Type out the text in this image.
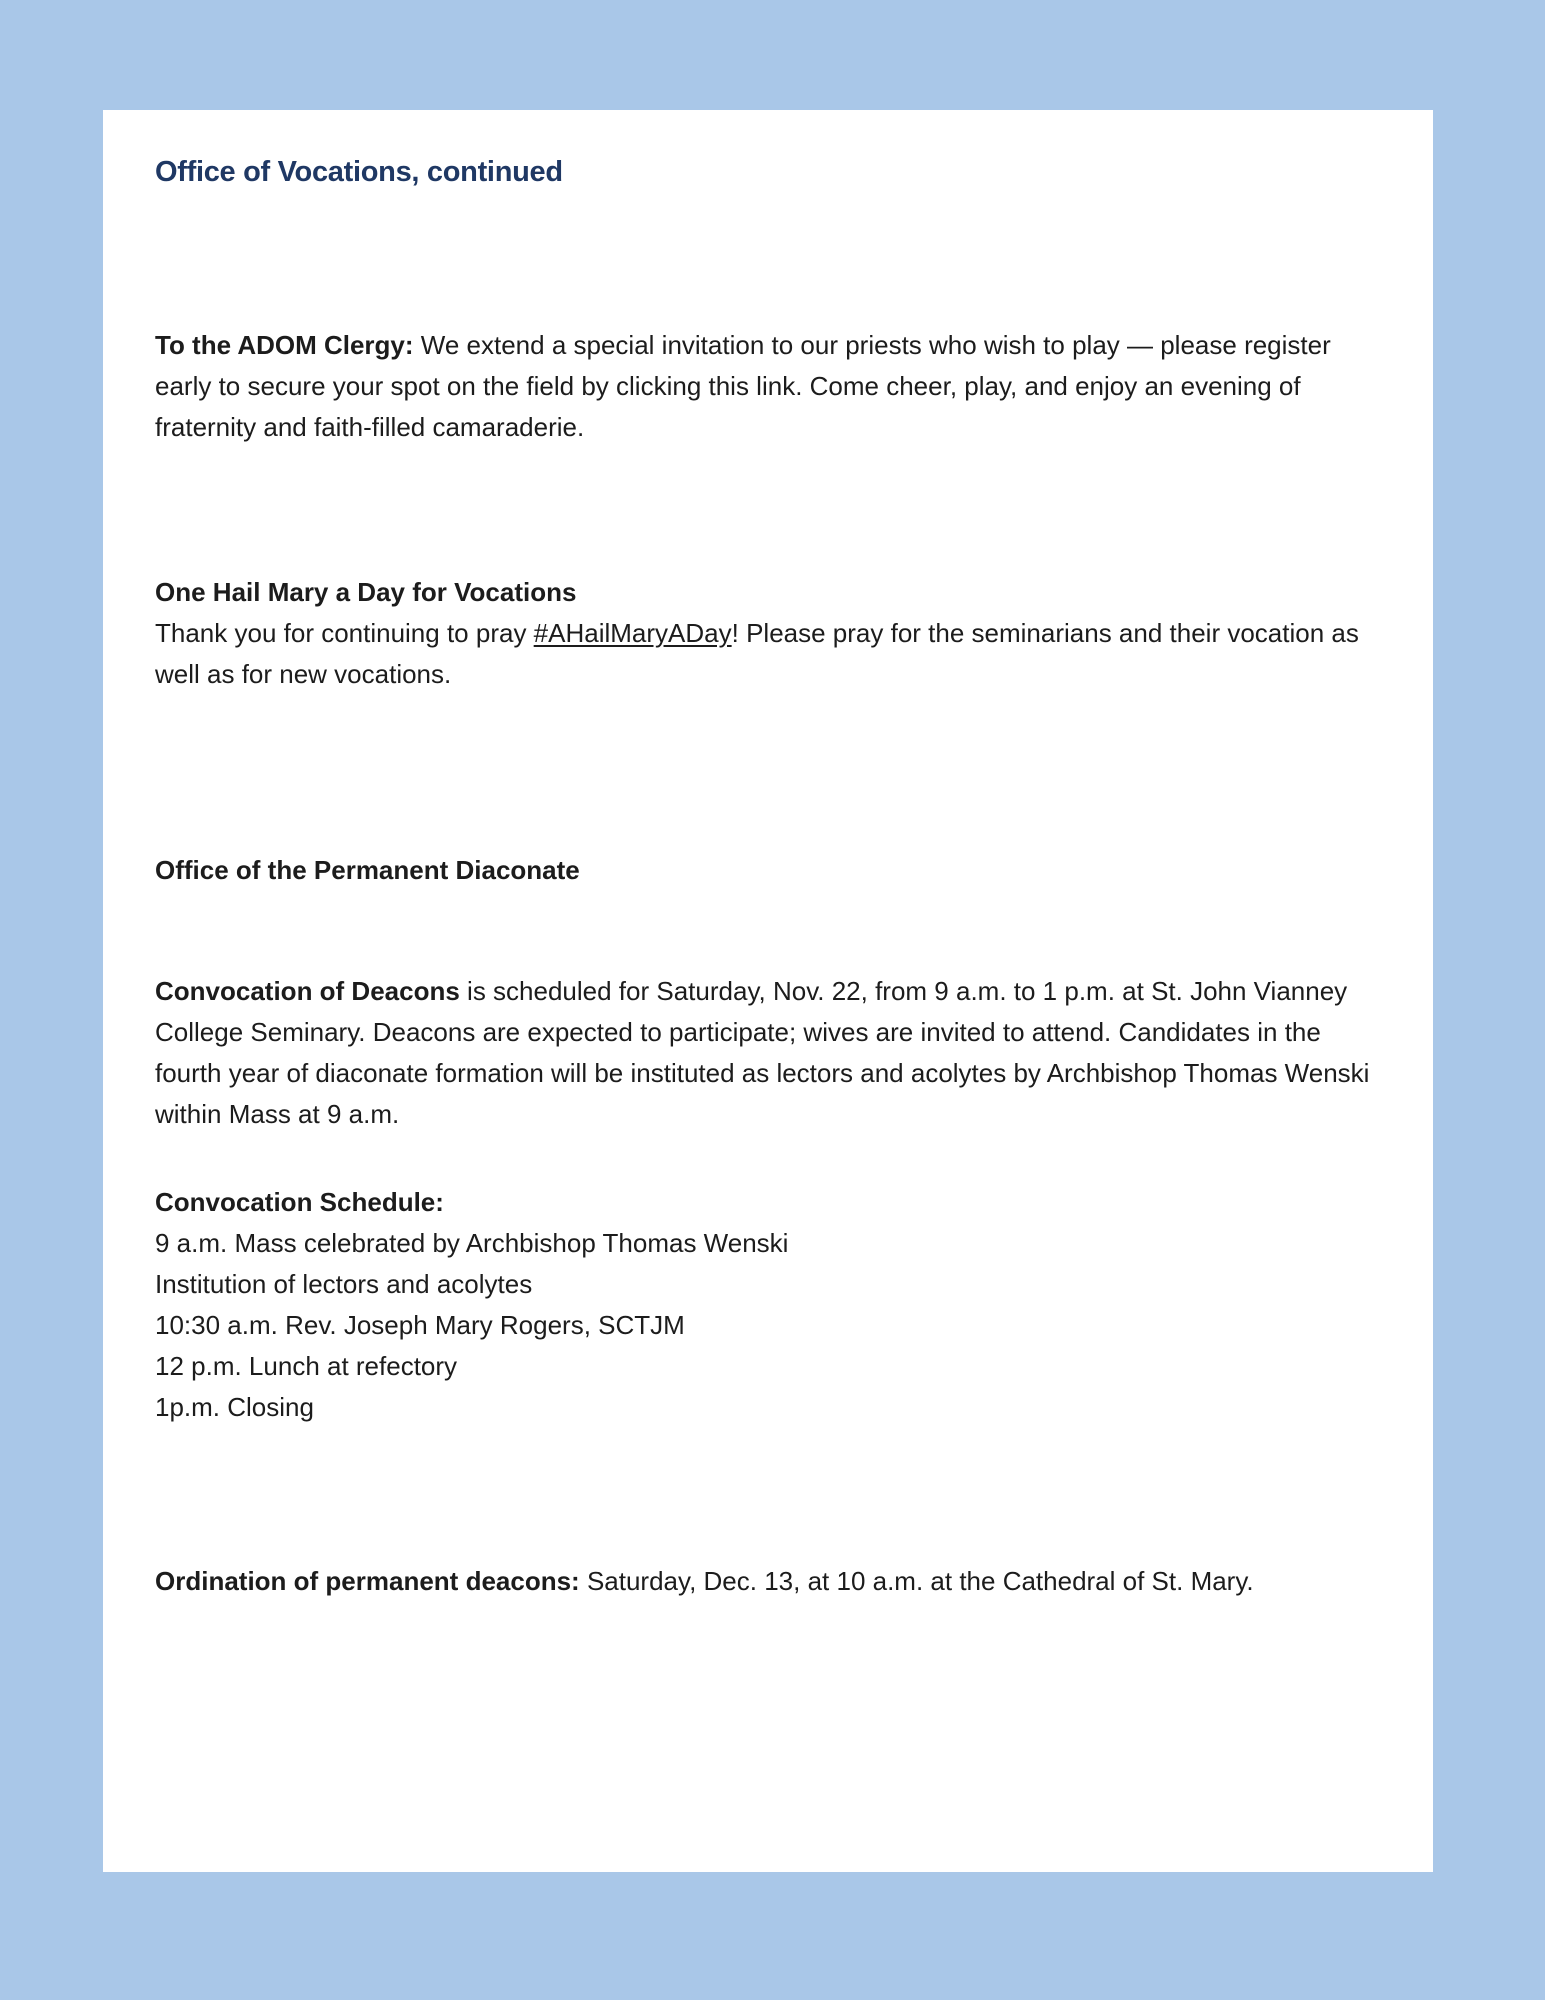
Office of Vocations, continued

To the ADOM Clergy: We extend a special invitation to our priests who wish to play — please register early to secure your spot on the field by clicking this link. Come cheer, play, and enjoy an evening of fraternity and faith-filled camaraderie.

One Hail Mary a Day for Vocations

Thank you for continuing to pray #AHailMaryADay! Please pray for the seminarians and their vocation as well as for new vocations.

Office of the Permanent Diaconate

Convocation of Deacons is scheduled for Saturday, Nov. 22, from 9 a.m. to 1 p.m. at St. John Vianney College Seminary. Deacons are expected to participate; wives are invited to attend. Candidates in the fourth year of diaconate formation will be instituted as lectors and acolytes by Archbishop Thomas Wenski within Mass at 9 a.m.

Convocation Schedule:
9 a.m. Mass celebrated by Archbishop Thomas Wenski
Institution of lectors and acolytes
10:30 a.m. Rev. Joseph Mary Rogers, SCTJM
12 p.m. Lunch at refectory
1p.m. Closing

Ordination of permanent deacons: Saturday, Dec. 13, at 10 a.m. at the Cathedral of St. Mary.
